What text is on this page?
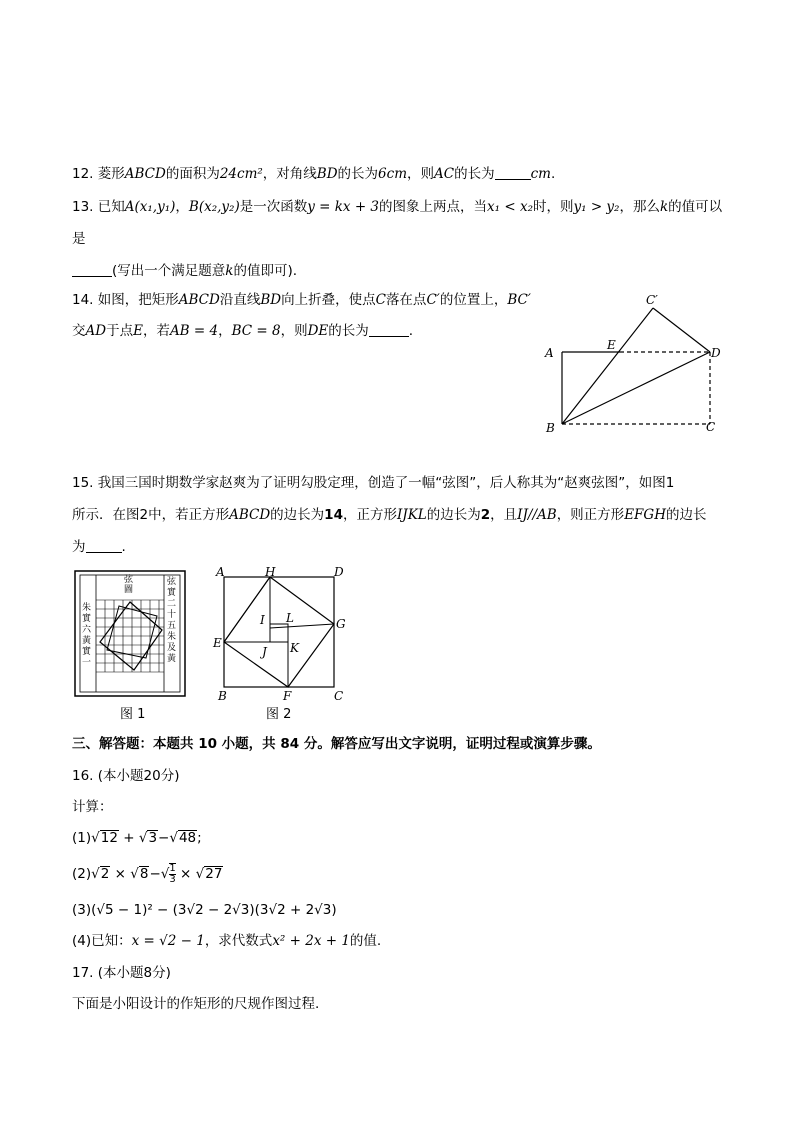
12. 菱形ABCD的面积为24cm²，对角线BD的长为6cm，则AC的长为	cm.
13. 已知A(x₁,y₁)，B(x₂,y₂)是一次函数y = kx + 3的图象上两点，当x₁ < x₂时，则y₁ > y₂，那么k的值可以
是
(写出一个满足题意k的值即可).
14. 如图，把矩形ABCD沿直线BD向上折叠，使点C落在点C′的位置上，BC′
交AD于点E，若AB = 4，BC = 8，则DE的长为	.
A
B	C
D
E
C′
15. 我国三国时期数学家赵爽为了证明勾股定理，创造了一幅“弦图”，后人称其为“赵爽弦图”，如图1
所示．在图2中，若正方形ABCD的边长为14，正方形IJKL的边长为2，且IJ//AB，则正方形EFGH的边长
为	.
弦圖
朱實六黃實一
弦實二十五朱及黃
图 1
A	H	D
E
G
B	F	C
I L
J K
图 2
三、解答题：本题共 10 小题，共 84 分。解答应写出文字说明，证明过程或演算步骤。
16. (本小题20分)
计算：
(1)√12 + √3−√48;
$(2)√2 \times √8-√ \frac{1}{3} \times √27$
(3)(√5 − 1)² − (3√2 − 2√3)(3√2 + 2√3)
(4)已知：x = √2 − 1，求代数式x² + 2x + 1的值.
17. (本小题8分)
下面是小阳设计的作矩形的尺规作图过程.
